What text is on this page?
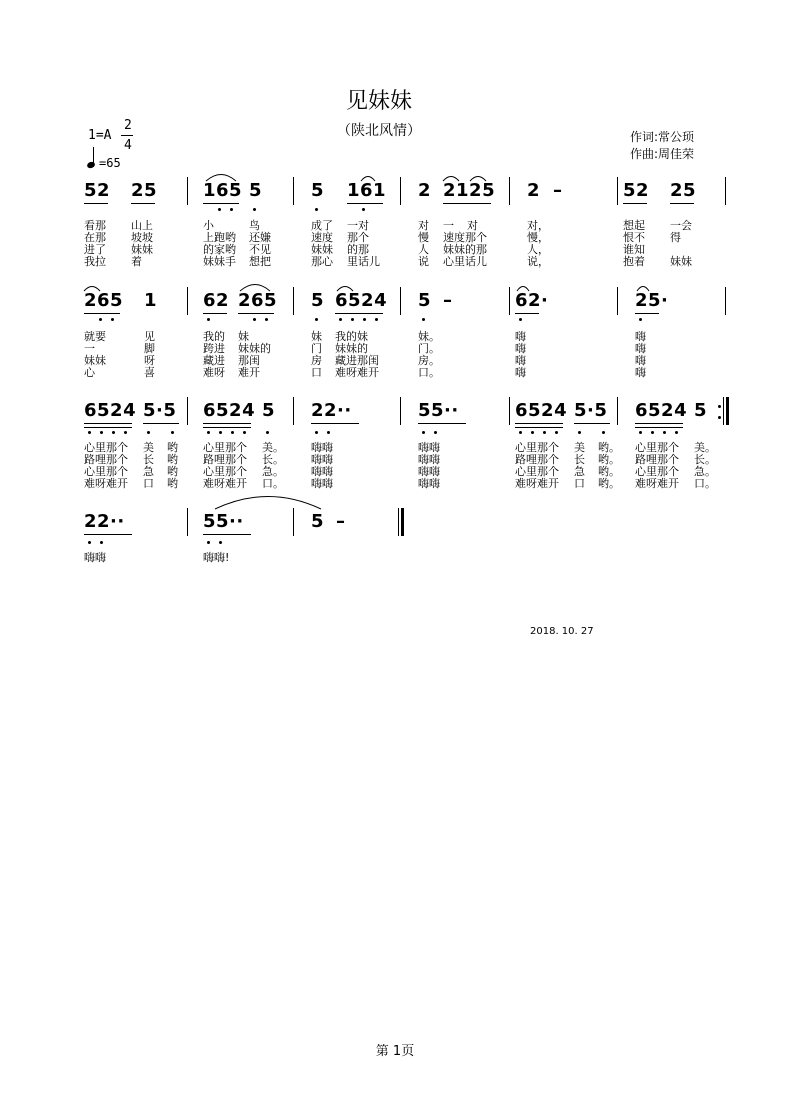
见妹妹
（陕北风情）
1=A
2
4
=65
作词:常公顼
作曲:周佳荣
52 25	165 5	5 161 2 2125 2 –	52 25
看那 山上	小	鸟	成了 一对	对 一 对	对，	想起 一会
在那 坡坡	上跑哟 还嫌	速度 那个	慢 速度那个	慢，	恨不 得
进了 妹妹	的家哟 不见	妹妹 的那	人 妹妹的那	人，	谁知
我拉 着	妹妹手 想把	那心 里话儿	说 心里话儿	说，	抱着 妹妹
265 1	62 265 5 6524 5 –	62·	25·
就要	见	我的 妹	妹 我的妹	妹。	嗨	嗨
一	脚	跨进 妹妹的	门 妹妹的	门。	嗨	嗨
妹妹	呀	藏进 那闺	房 藏进那闺	房。	嗨	嗨
心	喜	难呀 难开	口 难呀难开	口。	嗨	嗨
6524 5·5 6524 5 22··	55··	6524 5·5 6524 5
心里那个 美 哟 心里那个 美。 嗨嗨	嗨嗨	心里那个 美 哟。 心里那个 美。
路哩那个 长 哟 路哩那个 长。 嗨嗨	嗨嗨	路哩那个 长 哟。 路哩那个 长。
心里那个 急 哟 心里那个 急。 嗨嗨	嗨嗨	心里那个 急 哟。 心里那个 急。
难呀难开 口 哟 难呀难开 口。 嗨嗨	嗨嗨	难呀难开 口 哟。 难呀难开 口。
22··	55··	5 –
嗨嗨	嗨嗨!
2018. 10. 27
第 1页
